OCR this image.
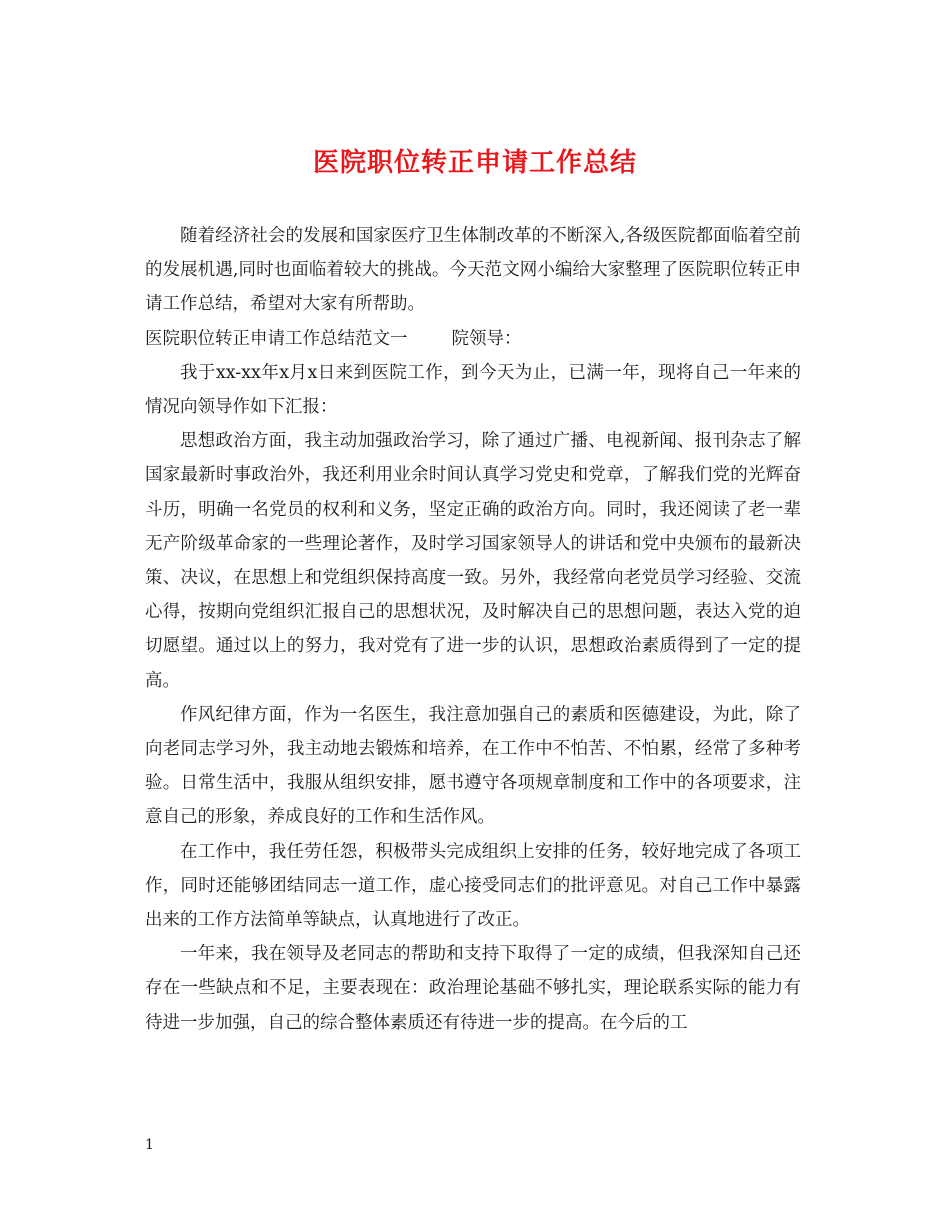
医院职位转正申请工作总结

随着经济社会的发展和国家医疗卫生体制改革的不断深入,各级医院都面临着空前的发展机遇,同时也面临着较大的挑战。今天范文网小编给大家整理了医院职位转正申请工作总结，希望对大家有所帮助。

医院职位转正申请工作总结范文一	院领导：

我于xx-xx年x月x日来到医院工作，到今天为止，已满一年，现将自己一年来的情况向领导作如下汇报：

思想政治方面，我主动加强政治学习，除了通过广播、电视新闻、报刊杂志了解国家最新时事政治外，我还利用业余时间认真学习党史和党章，了解我们党的光辉奋斗历，明确一名党员的权利和义务，坚定正确的政治方向。同时，我还阅读了老一辈无产阶级革命家的一些理论著作，及时学习国家领导人的讲话和党中央颁布的最新决策、决议，在思想上和党组织保持高度一致。另外，我经常向老党员学习经验、交流心得，按期向党组织汇报自己的思想状况，及时解决自己的思想问题，表达入党的迫切愿望。通过以上的努力，我对党有了进一步的认识，思想政治素质得到了一定的提高。

作风纪律方面，作为一名医生，我注意加强自己的素质和医德建设，为此，除了向老同志学习外，我主动地去锻炼和培养，在工作中不怕苦、不怕累，经常了多种考验。日常生活中，我服从组织安排，愿书遵守各项规章制度和工作中的各项要求，注意自己的形象，养成良好的工作和生活作风。

在工作中，我任劳任怨，积极带头完成组织上安排的任务，较好地完成了各项工作，同时还能够团结同志一道工作，虚心接受同志们的批评意见。对自己工作中暴露出来的工作方法简单等缺点，认真地进行了改正。

一年来，我在领导及老同志的帮助和支持下取得了一定的成绩，但我深知自己还存在一些缺点和不足，主要表现在：政治理论基础不够扎实，理论联系实际的能力有待进一步加强，自己的综合整体素质还有待进一步的提高。在今后的工

1
